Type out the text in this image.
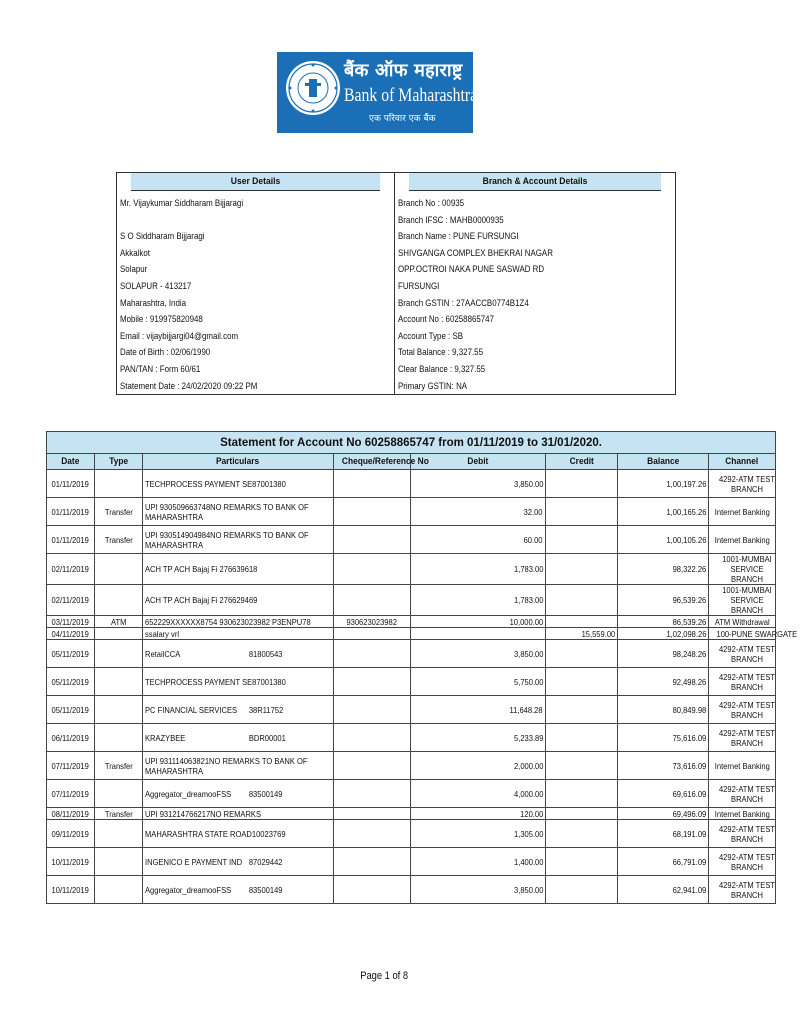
बैंक ऑफ महाराष्ट्र
Bank of Maharashtra
एक परिवार एक बैंक
User Details
Mr. Vijaykumar Siddharam Bijjaragi
S O Siddharam Bijjaragi
Akkalkot
Solapur
SOLAPUR - 413217
Maharashtra, India
Mobile : 919975820948
Email : vijaybijjargi04@gmail.com
Date of Birth : 02/06/1990
PAN/TAN : Form 60/61
Statement Date : 24/02/2020 09:22 PM
Branch & Account Details
Branch No : 00935
Branch IFSC : MAHB0000935
Branch Name : PUNE FURSUNGI
SHIVGANGA COMPLEX BHEKRAI NAGAR
OPP.OCTROI NAKA PUNE SASWAD RD
FURSUNGI
Branch GSTIN : 27AACCB0774B1Z4
Account No : 60258865747
Account Type : SB
Total Balance : 9,327.55
Clear Balance : 9,327.55
Primary GSTIN: NA
Statement for Account No 60258865747 from 01/11/2019 to 31/01/2020.							
Date	Type	Particulars	Cheque/Reference No	Debit	Credit	Balance	Channel
01/11/2019		TECHPROCESS PAYMENT SE87001380		3,850.00		1,00,197.26	4292-ATM TEST BRANCH
01/11/2019	Transfer	UPI 930509663748NO REMARKS TO BANK OF MAHARASHTRA		32.00		1,00,165.26	Internet Banking
01/11/2019	Transfer	UPI 930514904984NO REMARKS TO BANK OF MAHARASHTRA		60.00		1,00,105.26	Internet Banking
02/11/2019		ACH TP ACH Bajaj Fi 276639618		1,783.00		98,322.26	1001-MUMBAI SERVICE BRANCH
02/11/2019		ACH TP ACH Bajaj Fi 276629469		1,783.00		96,539.26	1001-MUMBAI SERVICE BRANCH
03/11/2019	ATM	652229XXXXXX8754 930623023982 P3ENPU78	930623023982	10,000.00		86,539.26	ATM Withdrawal
04/11/2019		ssalary vrl			15,559.00	1,02,098.26	100-PUNE SWARGATE
05/11/2019		RetailCCA 81800543		3,850.00		98,248.26	4292-ATM TEST BRANCH
05/11/2019		TECHPROCESS PAYMENT SE87001380		5,750.00		92,498.26	4292-ATM TEST BRANCH
05/11/2019		PC FINANCIAL SERVICES 38R11752		11,648.28		80,849.98	4292-ATM TEST BRANCH
06/11/2019		KRAZYBEE BDR00001		5,233.89		75,616.09	4292-ATM TEST BRANCH
07/11/2019	Transfer	UPI 931114063821NO REMARKS TO BANK OF MAHARASHTRA		2,000.00		73,616.09	Internet Banking
07/11/2019		Aggregator_dreamooFSS 83500149		4,000.00		69,616.09	4292-ATM TEST BRANCH
08/11/2019	Transfer	UPI 931214766217NO REMARKS		120.00		69,496.09	Internet Banking
09/11/2019		MAHARASHTRA STATE ROAD10023769		1,305.00		68,191.09	4292-ATM TEST BRANCH
10/11/2019		INGENICO E PAYMENT IND 87029442		1,400.00		66,791.09	4292-ATM TEST BRANCH
10/11/2019		Aggregator_dreamooFSS 83500149		3,850.00		62,941.09	4292-ATM TEST BRANCH
Page 1 of 8
